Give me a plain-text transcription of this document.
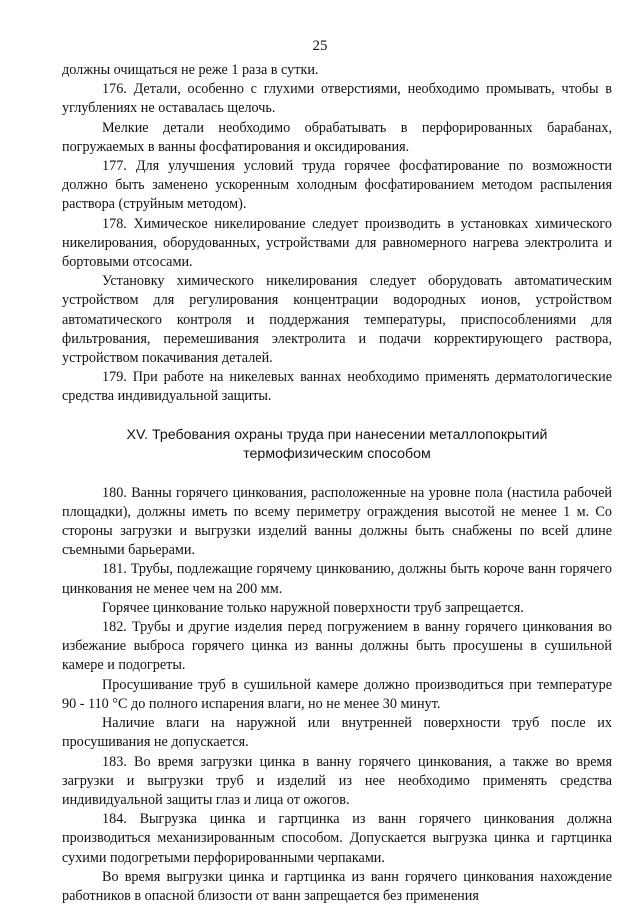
25

должны очищаться не реже 1 раза в сутки.

176. Детали, особенно с глухими отверстиями, необходимо промывать, чтобы в углублениях не оставалась щелочь.

Мелкие детали необходимо обрабатывать в перфорированных барабанах, погружаемых в ванны фосфатирования и оксидирования.

177. Для улучшения условий труда горячее фосфатирование по возможности должно быть заменено ускоренным холодным фосфатированием методом распыления раствора (струйным методом).

178. Химическое никелирование следует производить в установках химического никелирования, оборудованных, устройствами для равномерного нагрева электролита и бортовыми отсосами.

Установку химического никелирования следует оборудовать автоматическим устройством для регулирования концентрации водородных ионов, устройством автоматического контроля и поддержания температуры, приспособлениями для фильтрования, перемешивания электролита и подачи корректирующего раствора, устройством покачивания деталей.

179. При работе на никелевых ваннах необходимо применять дерматологические средства индивидуальной защиты.

XV. Требования охраны труда при нанесении металлопокрытий
термофизическим способом

180. Ванны горячего цинкования, расположенные на уровне пола (настила рабочей площадки), должны иметь по всему периметру ограждения высотой не менее 1 м. Со стороны загрузки и выгрузки изделий ванны должны быть снабжены по всей длине съемными барьерами.

181. Трубы, подлежащие горячему цинкованию, должны быть короче ванн горячего цинкования не менее чем на 200 мм.

Горячее цинкование только наружной поверхности труб запрещается.

182. Трубы и другие изделия перед погружением в ванну горячего цинкования во избежание выброса горячего цинка из ванны должны быть просушены в сушильной камере и подогреты.

Просушивание труб в сушильной камере должно производиться при температуре 90 - 110 °С до полного испарения влаги, но не менее 30 минут.

Наличие влаги на наружной или внутренней поверхности труб после их просушивания не допускается.

183. Во время загрузки цинка в ванну горячего цинкования, а также во время загрузки и выгрузки труб и изделий из нее необходимо применять средства индивидуальной защиты глаз и лица от ожогов.

184. Выгрузка цинка и гартцинка из ванн горячего цинкования должна производиться механизированным способом. Допускается выгрузка цинка и гартцинка сухими подогретыми перфорированными черпаками.

Во время выгрузки цинка и гартцинка из ванн горячего цинкования нахождение работников в опасной близости от ванн запрещается без применения
